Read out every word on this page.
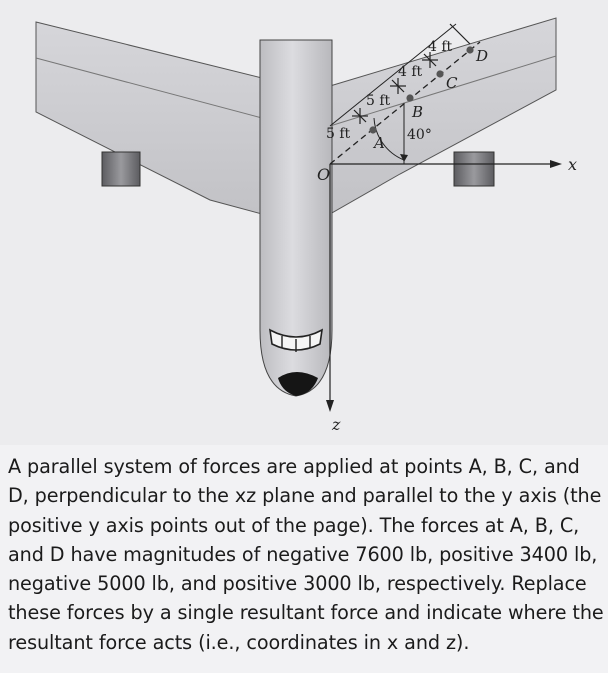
x
z
O
40°
A
B
C
D
5 ft
5 ft
4 ft
4 ft

A parallel system of forces are applied at points A, B, C, and D, perpendicular to the xz plane and parallel to the y axis (the positive y axis points out of the page). The forces at A, B, C, and D have magnitudes of negative 7600 lb, positive 3400 lb, negative 5000 lb, and positive 3000 lb, respectively. Replace these forces by a single resultant force and indicate where the resultant force acts (i.e., coordinates in x and z).
